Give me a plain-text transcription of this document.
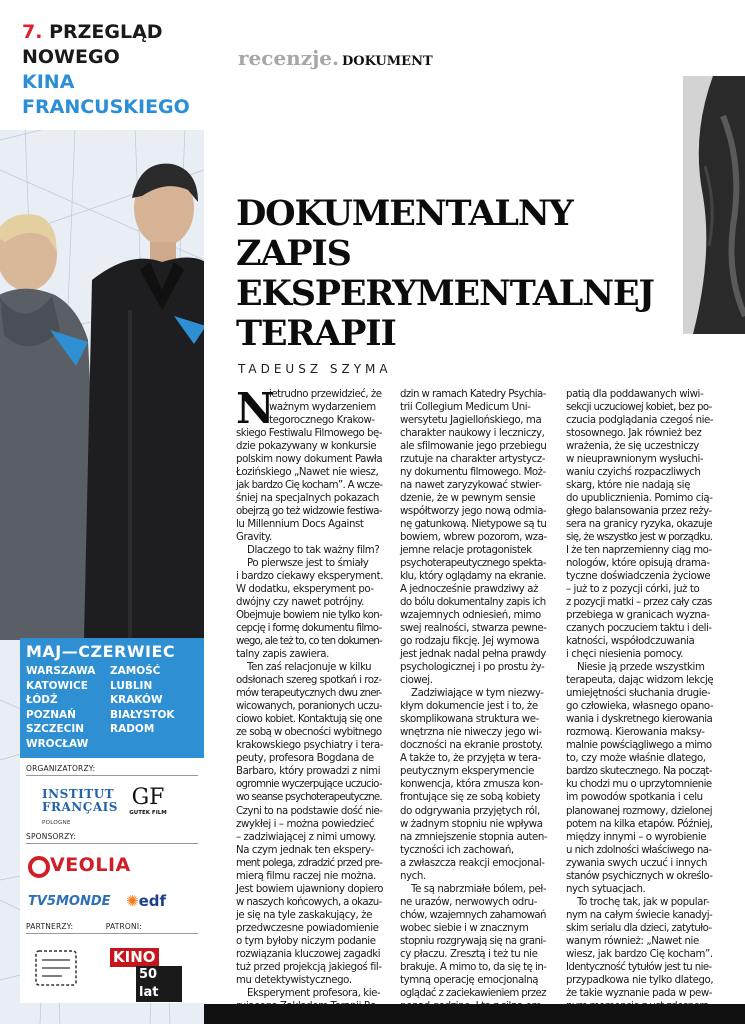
7. PRZEGLĄD
NOWEGO
KINA
FRANCUSKIEGO
MAJ—CZERWIEC
WARSZAWA	ZAMOŚĆ
KATOWICE	LUBLIN
ŁÓDŹ	KRAKÓW
POZNAŃ	BIAŁYSTOK
SZCZECIN	RADOM
WROCŁAW
ORGANIZATORZY:
INSTITUT
FRANÇAIS
POLOGNE
GF
GUTEK FILM
SPONSORZY:
VEOLIA
TV5MONDE ✺edf
PARTNERZY:	PATRONI:
KINO
50 lat
recenzje. DOKUMENT
DOKUMENTALNY
ZAPIS
EKSPERYMENTALNEJ
TERAPII
TADEUSZ SZYMA
N
ietrudno przewidzieć, że
ważnym wydarzeniem
tegorocznego Krakow-
skiego Festiwalu Filmowego bę-
dzie pokazywany w konkursie
polskim nowy dokument Pawła
Łozińskiego „Nawet nie wiesz,
jak bardzo Cię kocham”. A wcze-
śniej na specjalnych pokazach
obejrzą go też widzowie festiwa-
lu Millennium Docs Against
Gravity.
Dlaczego to tak ważny film?
Po pierwsze jest to śmiały
i bardzo ciekawy eksperyment.
W dodatku, eksperyment po-
dwójny czy nawet potrójny.
Obejmuje bowiem nie tylko kon-
cepcję i formę dokumentu filmo-
wego, ale też to, co ten dokumen-
talny zapis zawiera.
Ten zaś relacjonuje w kilku
odsłonach szereg spotkań i roz-
mów terapeutycznych dwu zner-
wicowanych, poranionych uczu-
ciowo kobiet. Kontaktują się one
ze sobą w obecności wybitnego
krakowskiego psychiatry i tera-
peuty, profesora Bogdana de
Barbaro, który prowadzi z nimi
ogromnie wyczerpujące uczucio-
wo seanse psychoterapeutyczne.
Czyni to na podstawie dość nie-
zwykłej i – można powiedzieć
– zadziwiającej z nimi umowy.
Na czym jednak ten ekspery-
ment polega, zdradzić przed pre-
mierą filmu raczej nie można.
Jest bowiem ujawniony dopiero
w naszych końcowych, a okazu-
je się na tyle zaskakujący, że
przedwczesne powiadomienie
o tym byłoby niczym podanie
rozwiązania kluczowej zagadki
tuż przed projekcją jakiegoś fil-
mu detektywistycznego.
Eksperyment profesora, kie-
dzin w ramach Katedry Psychia-
trii Collegium Medicum Uni-
wersytetu Jagiellońskiego, ma
charakter naukowy i leczniczy,
ale sfilmowanie jego przebiegu
rzutuje na charakter artystycz-
ny dokumentu filmowego. Moż-
na nawet zaryzykować stwier-
dzenie, że w pewnym sensie
współtworzy jego nową odmia-
nę gatunkową. Nietypowe są tu
bowiem, wbrew pozorom, wza-
jemne relacje protagonistek
psychoterapeutycznego spekta-
klu, który oglądamy na ekranie.
A jednocześnie prawdziwy aż
do bólu dokumentalny zapis ich
wzajemnych odniesień, mimo
swej realności, stwarza pewne-
go rodzaju fikcję. Jej wymowa
jest jednak nadal pełna prawdy
psychologicznej i po prostu ży-
ciowej.
Zadziwiające w tym niezwy-
kłym dokumencie jest i to, że
skomplikowana struktura we-
wnętrzna nie niweczy jego wi-
doczności na ekranie prostoty.
A także to, że przyjęta w tera-
peutycznym eksperymencie
konwencja, która zmusza kon-
frontujące się ze sobą kobiety
do odgrywania przyjętych ról,
w żadnym stopniu nie wpływa
na zmniejszenie stopnia auten-
tyczności ich zachowań,
a zwłaszcza reakcji emocjonal-
nych.
Te są nabrzmiałe bólem, peł-
ne urazów, nerwowych odru-
chów, wzajemnych zahamowań
wobec siebie i w znacznym
stopniu rozgrywają się na grani-
cy płaczu. Zresztą i też tu nie
brakuje. A mimo to, da się tę in-
tymną operację emocjonalną
oglądać z zaciekawieniem przez
patią dla poddawanych wiwi-
sekcji uczuciowej kobiet, bez po-
czucia podglądania czegoś nie-
stosownego. Jak również bez
wrażenia, że się uczestniczy
w nieuprawnionym wysłuchi-
waniu czyichś rozpaczliwych
skarg, które nie nadają się
do upublicznienia. Pomimo cią-
głego balansowania przez reży-
sera na granicy ryzyka, okazuje
się, że wszystko jest w porządku.
I że ten naprzemienny ciąg mo-
nologów, które opisują drama-
tyczne doświadczenia życiowe
– już to z pozycji córki, już to
z pozycji matki – przez cały czas
przebiega w granicach wyzna-
czanych poczuciem taktu i deli-
katności, współodczuwania
i chęci niesienia pomocy.
Niesie ją przede wszystkim
terapeuta, dając widzom lekcję
umiejętności słuchania drugie-
go człowieka, własnego opano-
wania i dyskretnego kierowania
rozmową. Kierowania maksy-
malnie powściągliwego a mimo
to, czy może właśnie dlatego,
bardzo skutecznego. Na począt-
ku chodzi mu o uprzytomnienie
im powodów spotkania i celu
planowanej rozmowy, dzielonej
potem na kilka etapów. Później,
między innymi – o wyrobienie
u nich zdolności właściwego na-
zywania swych uczuć i innych
stanów psychicznych w określo-
nych sytuacjach.
To trochę tak, jak w popular-
nym na całym świecie kanadyj-
skim serialu dla dzieci, zatytuło-
wanym również: „Nawet nie
wiesz, jak bardzo Cię kocham”.
Identyczność tytułów jest tu nie-
przypadkowa nie tylko dlatego,
że takie wyznanie pada w pew-
